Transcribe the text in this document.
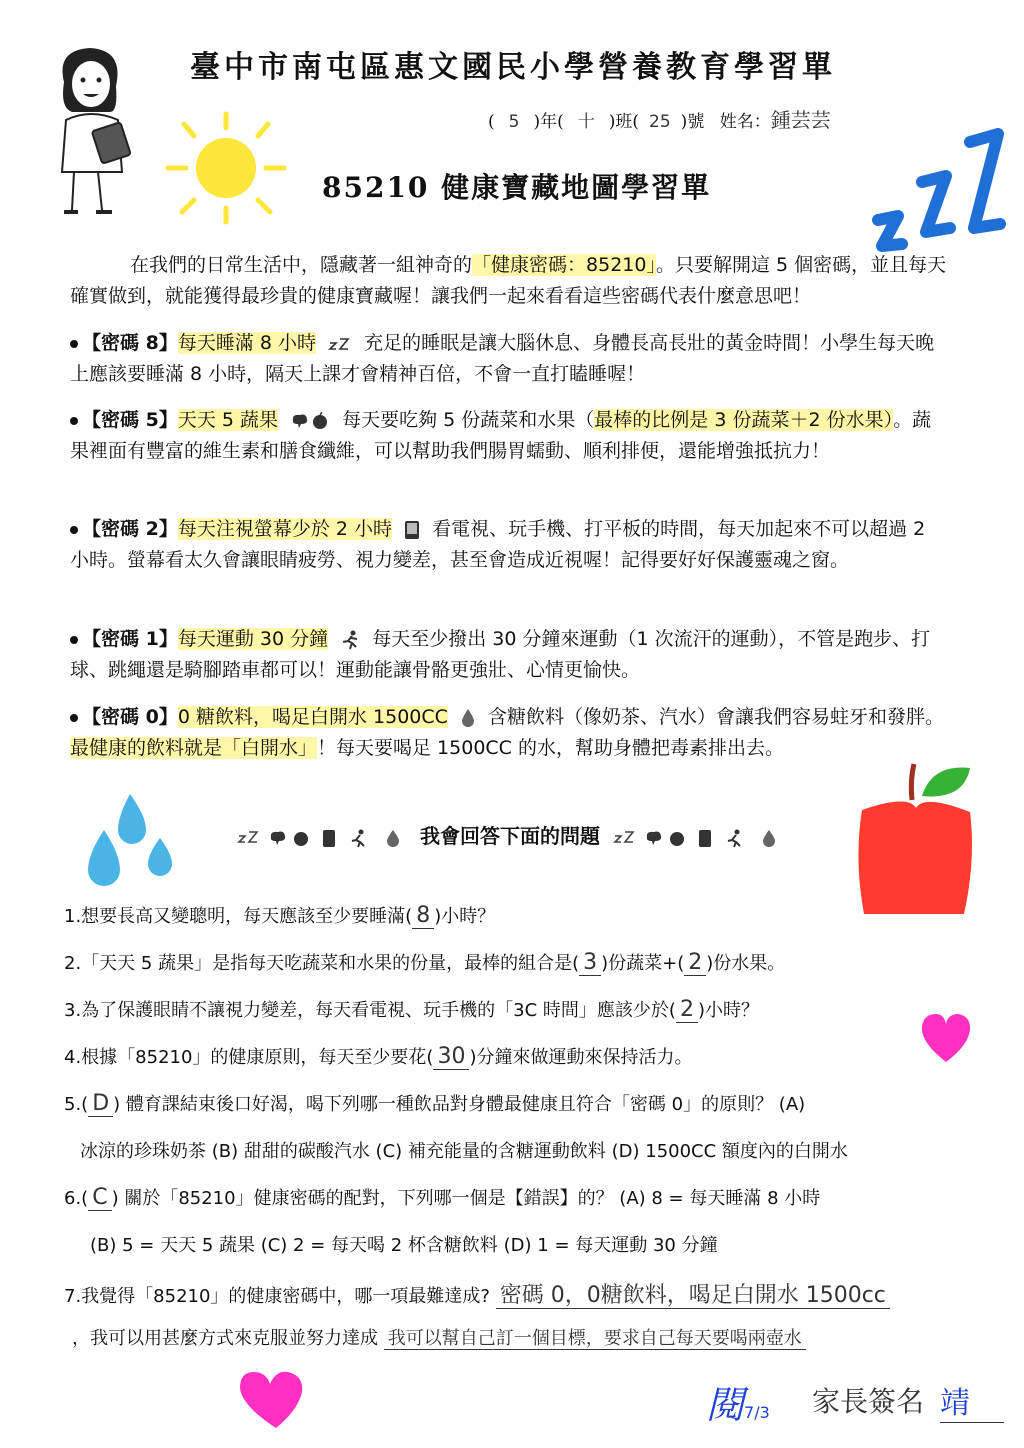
臺中市南屯區惠文國民小學營養教育學習單
( 5 )年( 十 )班( 25 )號 姓名：鍾芸芸
85210 健康寶藏地圖學習單
在我們的日常生活中，隱藏著一組神奇的「健康密碼：85210」。只要解開這 5 個密碼，並且每天確實做到，就能獲得最珍貴的健康寶藏喔！讓我們一起來看看這些密碼代表什麼意思吧！
【密碼 8】每天睡滿 8 小時	充足的睡眠是讓大腦休息、身體長高長壯的黃金時間！小學生每天晚上應該要睡滿 8 小時，隔天上課才會精神百倍，不會一直打瞌睡喔！
【密碼 5】天天 5 蔬果	每天要吃夠 5 份蔬菜和水果（最棒的比例是 3 份蔬菜＋2 份水果）。蔬果裡面有豐富的維生素和膳食纖維，可以幫助我們腸胃蠕動、順利排便，還能增強抵抗力！
【密碼 2】每天注視螢幕少於 2 小時 看電視、玩手機、打平板的時間，每天加起來不可以超過 2 小時。螢幕看太久會讓眼睛疲勞、視力變差，甚至會造成近視喔！記得要好好保護靈魂之窗。
【密碼 1】每天運動 30 分鐘 每天至少撥出 30 分鐘來運動（1 次流汗的運動），不管是跑步、打球、跳繩還是騎腳踏車都可以！運動能讓骨骼更強壯、心情更愉快。
【密碼 0】0 糖飲料，喝足白開水 1500CC 含糖飲料（像奶茶、汽水）會讓我們容易蛀牙和發胖。最健康的飲料就是「白開水」！每天要喝足 1500CC 的水，幫助身體把毒素排出去。
我會回答下面的問題
1.想要長高又變聰明，每天應該至少要睡滿( 8 )小時？
2.「天天 5 蔬果」是指每天吃蔬菜和水果的份量，最棒的組合是( 3 )份蔬菜+( 2 )份水果。
3.為了保護眼睛不讓視力變差，每天看電視、玩手機的「3C 時間」應該少於( 2 )小時？
4.根據「85210」的健康原則，每天至少要花( 30 )分鐘來做運動來保持活力。
5.( D ) 體育課結束後口好渴，喝下列哪一種飲品對身體最健康且符合「密碼 0」的原則？ (A)
冰涼的珍珠奶茶 (B) 甜甜的碳酸汽水 (C) 補充能量的含糖運動飲料 (D) 1500CC 額度內的白開水
6.( C ) 關於「85210」健康密碼的配對，下列哪一個是【錯誤】的？ (A) 8 = 每天睡滿 8 小時
(B) 5 = 天天 5 蔬果 (C) 2 = 每天喝 2 杯含糖飲料 (D) 1 = 每天運動 30 分鐘
7.我覺得「85210」的健康密碼中，哪一項最難達成? 密碼 0，0糖飲料，喝足白開水 1500cc
，我可以用甚麼方式來克服並努力達成 我可以幫自己訂一個目標，要求自己每天要喝兩壺水
閱7/3 家長簽名 靖
